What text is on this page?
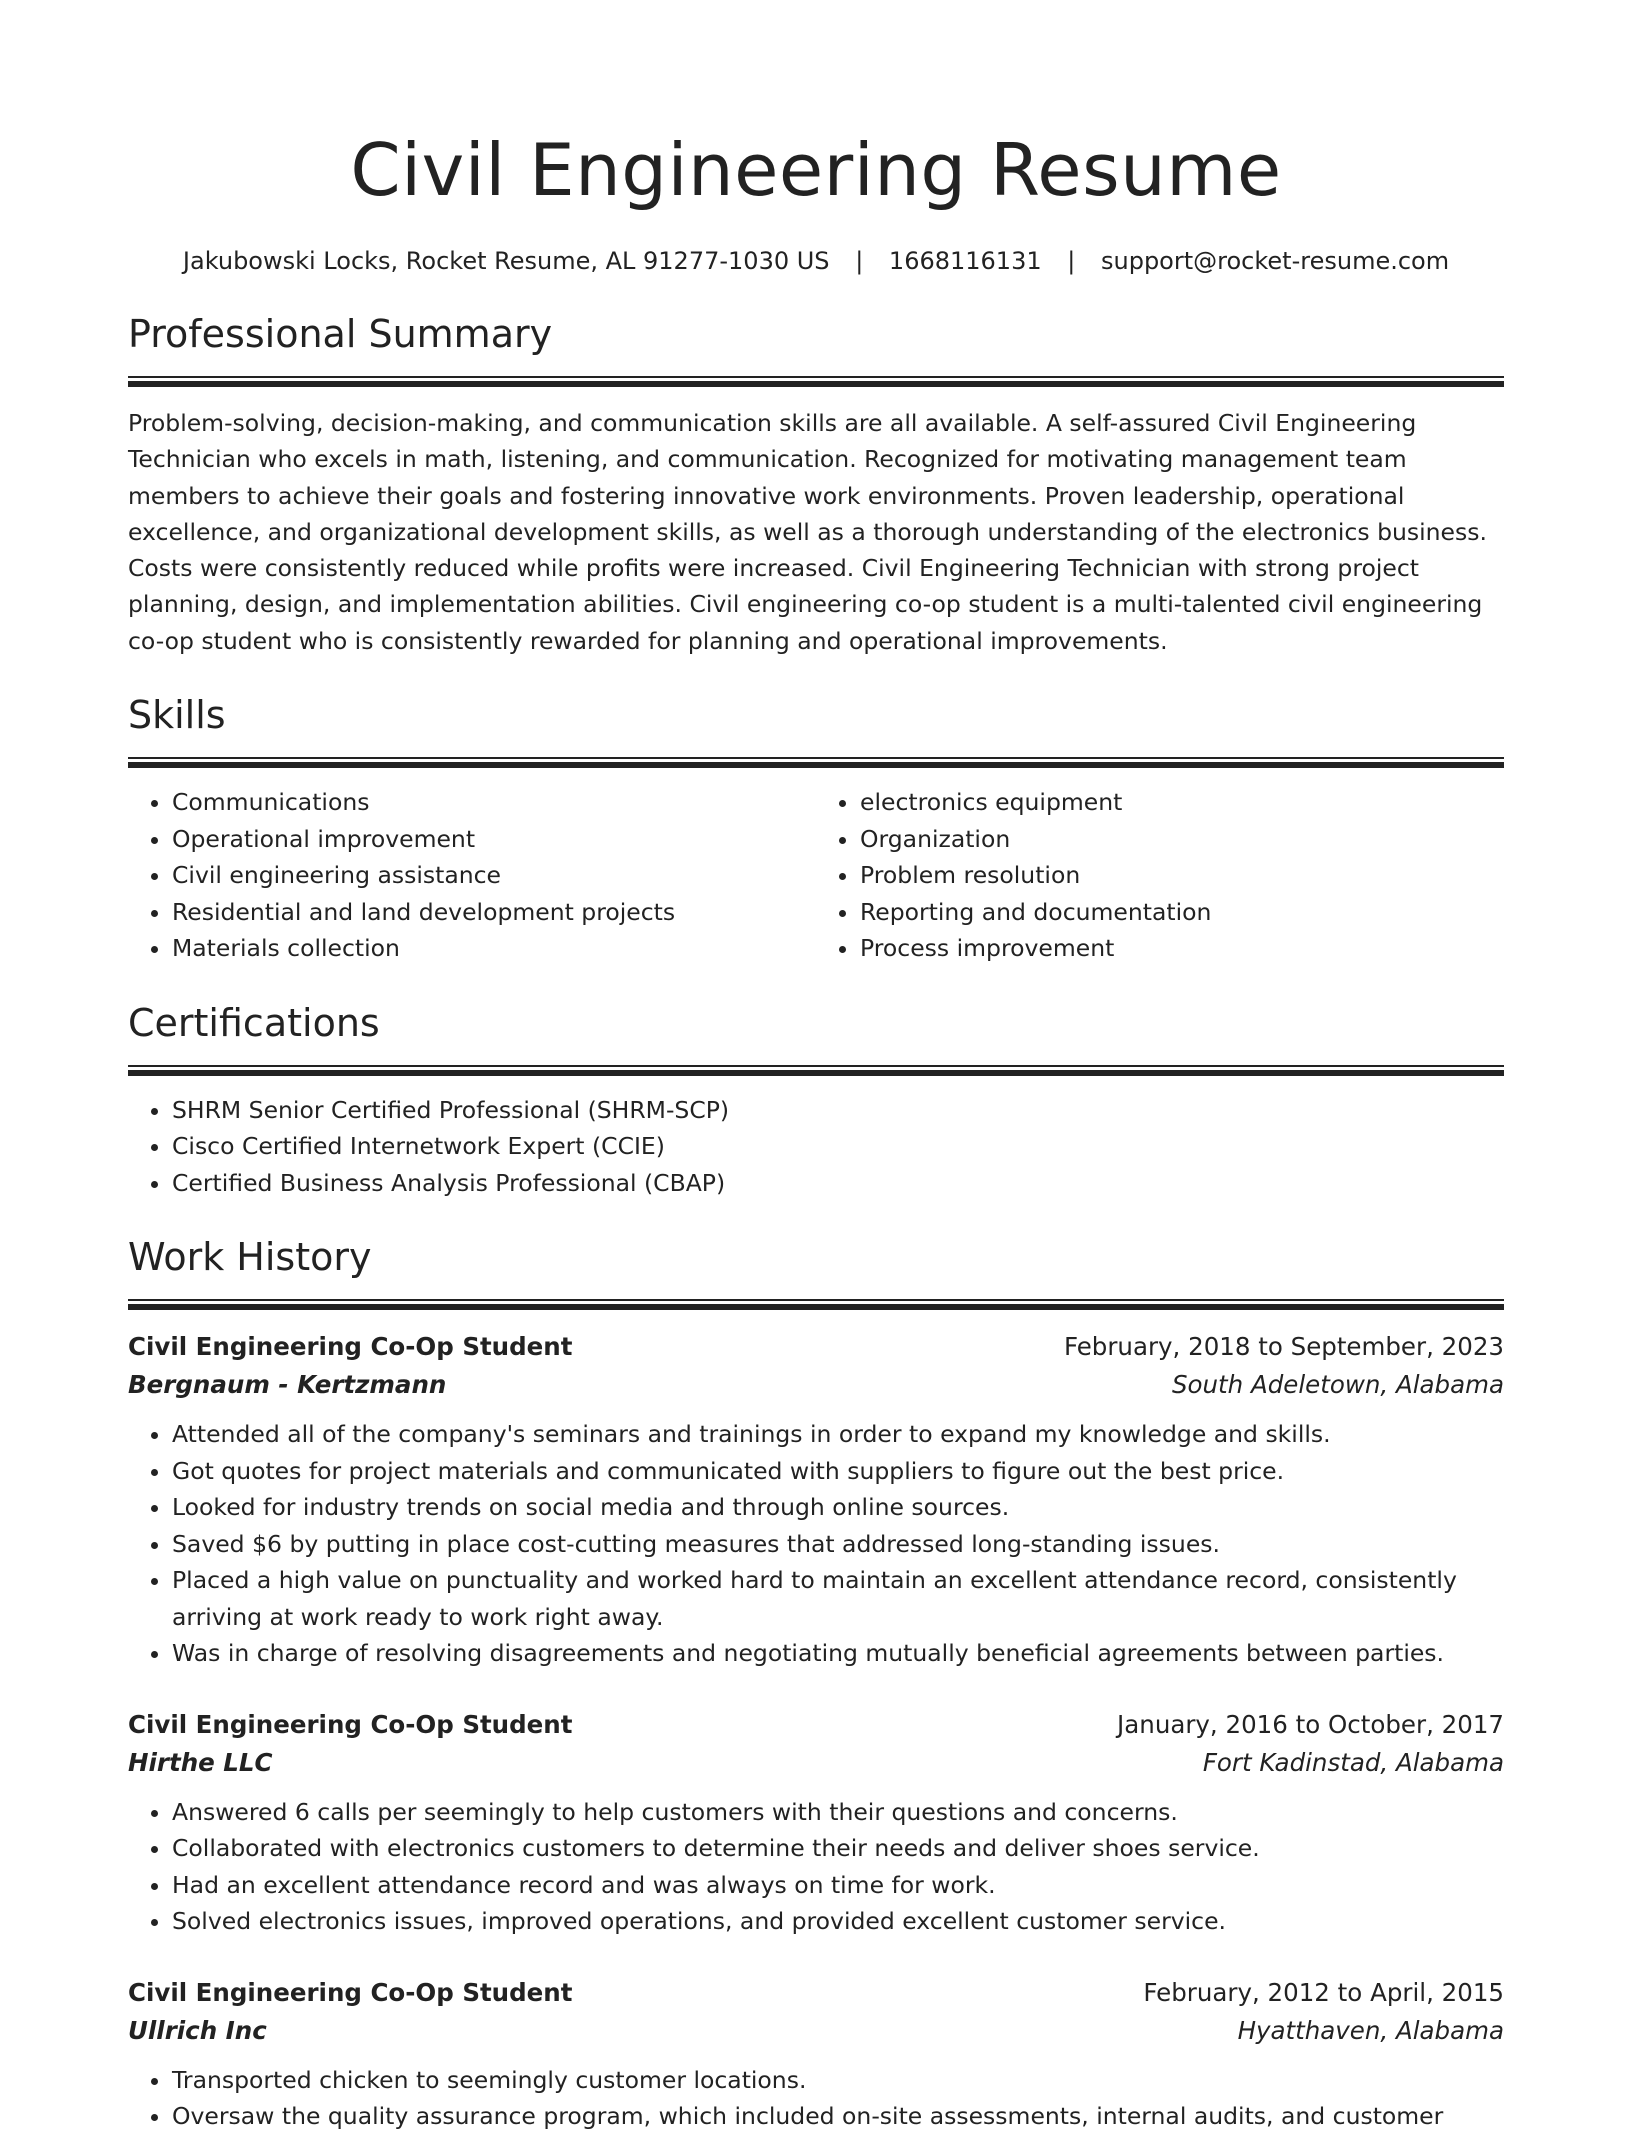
Civil Engineering Resume
Jakubowski Locks, Rocket Resume, AL 91277-1030 US | 1668116131 | support@rocket-resume.com
Professional Summary

Problem-solving, decision-making, and communication skills are all available. A self-assured Civil Engineering Technician who excels in math, listening, and communication. Recognized for motivating management team members to achieve their goals and fostering innovative work environments. Proven leadership, operational excellence, and organizational development skills, as well as a thorough understanding of the electronics business. Costs were consistently reduced while profits were increased. Civil Engineering Technician with strong project planning, design, and implementation abilities. Civil engineering co-op student is a multi-talented civil engineering co-op student who is consistently rewarded for planning and operational improvements.

Skills
• Communications
• Operational improvement
• Civil engineering assistance
• Residential and land development projects
• Materials collection
• electronics equipment
• Organization
• Problem resolution
• Reporting and documentation
• Process improvement
Certifications
• SHRM Senior Certified Professional (SHRM-SCP)
• Cisco Certified Internetwork Expert (CCIE)
• Certified Business Analysis Professional (CBAP)
Work History
Civil Engineering Co-Op Student	February, 2018 to September, 2023
Bergnaum - Kertzmann	South Adeletown, Alabama
• Attended all of the company's seminars and trainings in order to expand my knowledge and skills.
• Got quotes for project materials and communicated with suppliers to figure out the best price.
• Looked for industry trends on social media and through online sources.
• Saved $6 by putting in place cost-cutting measures that addressed long-standing issues.
• Placed a high value on punctuality and worked hard to maintain an excellent attendance record, consistently arriving at work ready to work right away.
• Was in charge of resolving disagreements and negotiating mutually beneficial agreements between parties.
Civil Engineering Co-Op Student	January, 2016 to October, 2017
Hirthe LLC	Fort Kadinstad, Alabama
• Answered 6 calls per seemingly to help customers with their questions and concerns.
• Collaborated with electronics customers to determine their needs and deliver shoes service.
• Had an excellent attendance record and was always on time for work.
• Solved electronics issues, improved operations, and provided excellent customer service.
Civil Engineering Co-Op Student	February, 2012 to April, 2015
Ullrich Inc	Hyatthaven, Alabama
• Transported chicken to seemingly customer locations.
• Oversaw the quality assurance program, which included on-site assessments, internal audits, and customer
